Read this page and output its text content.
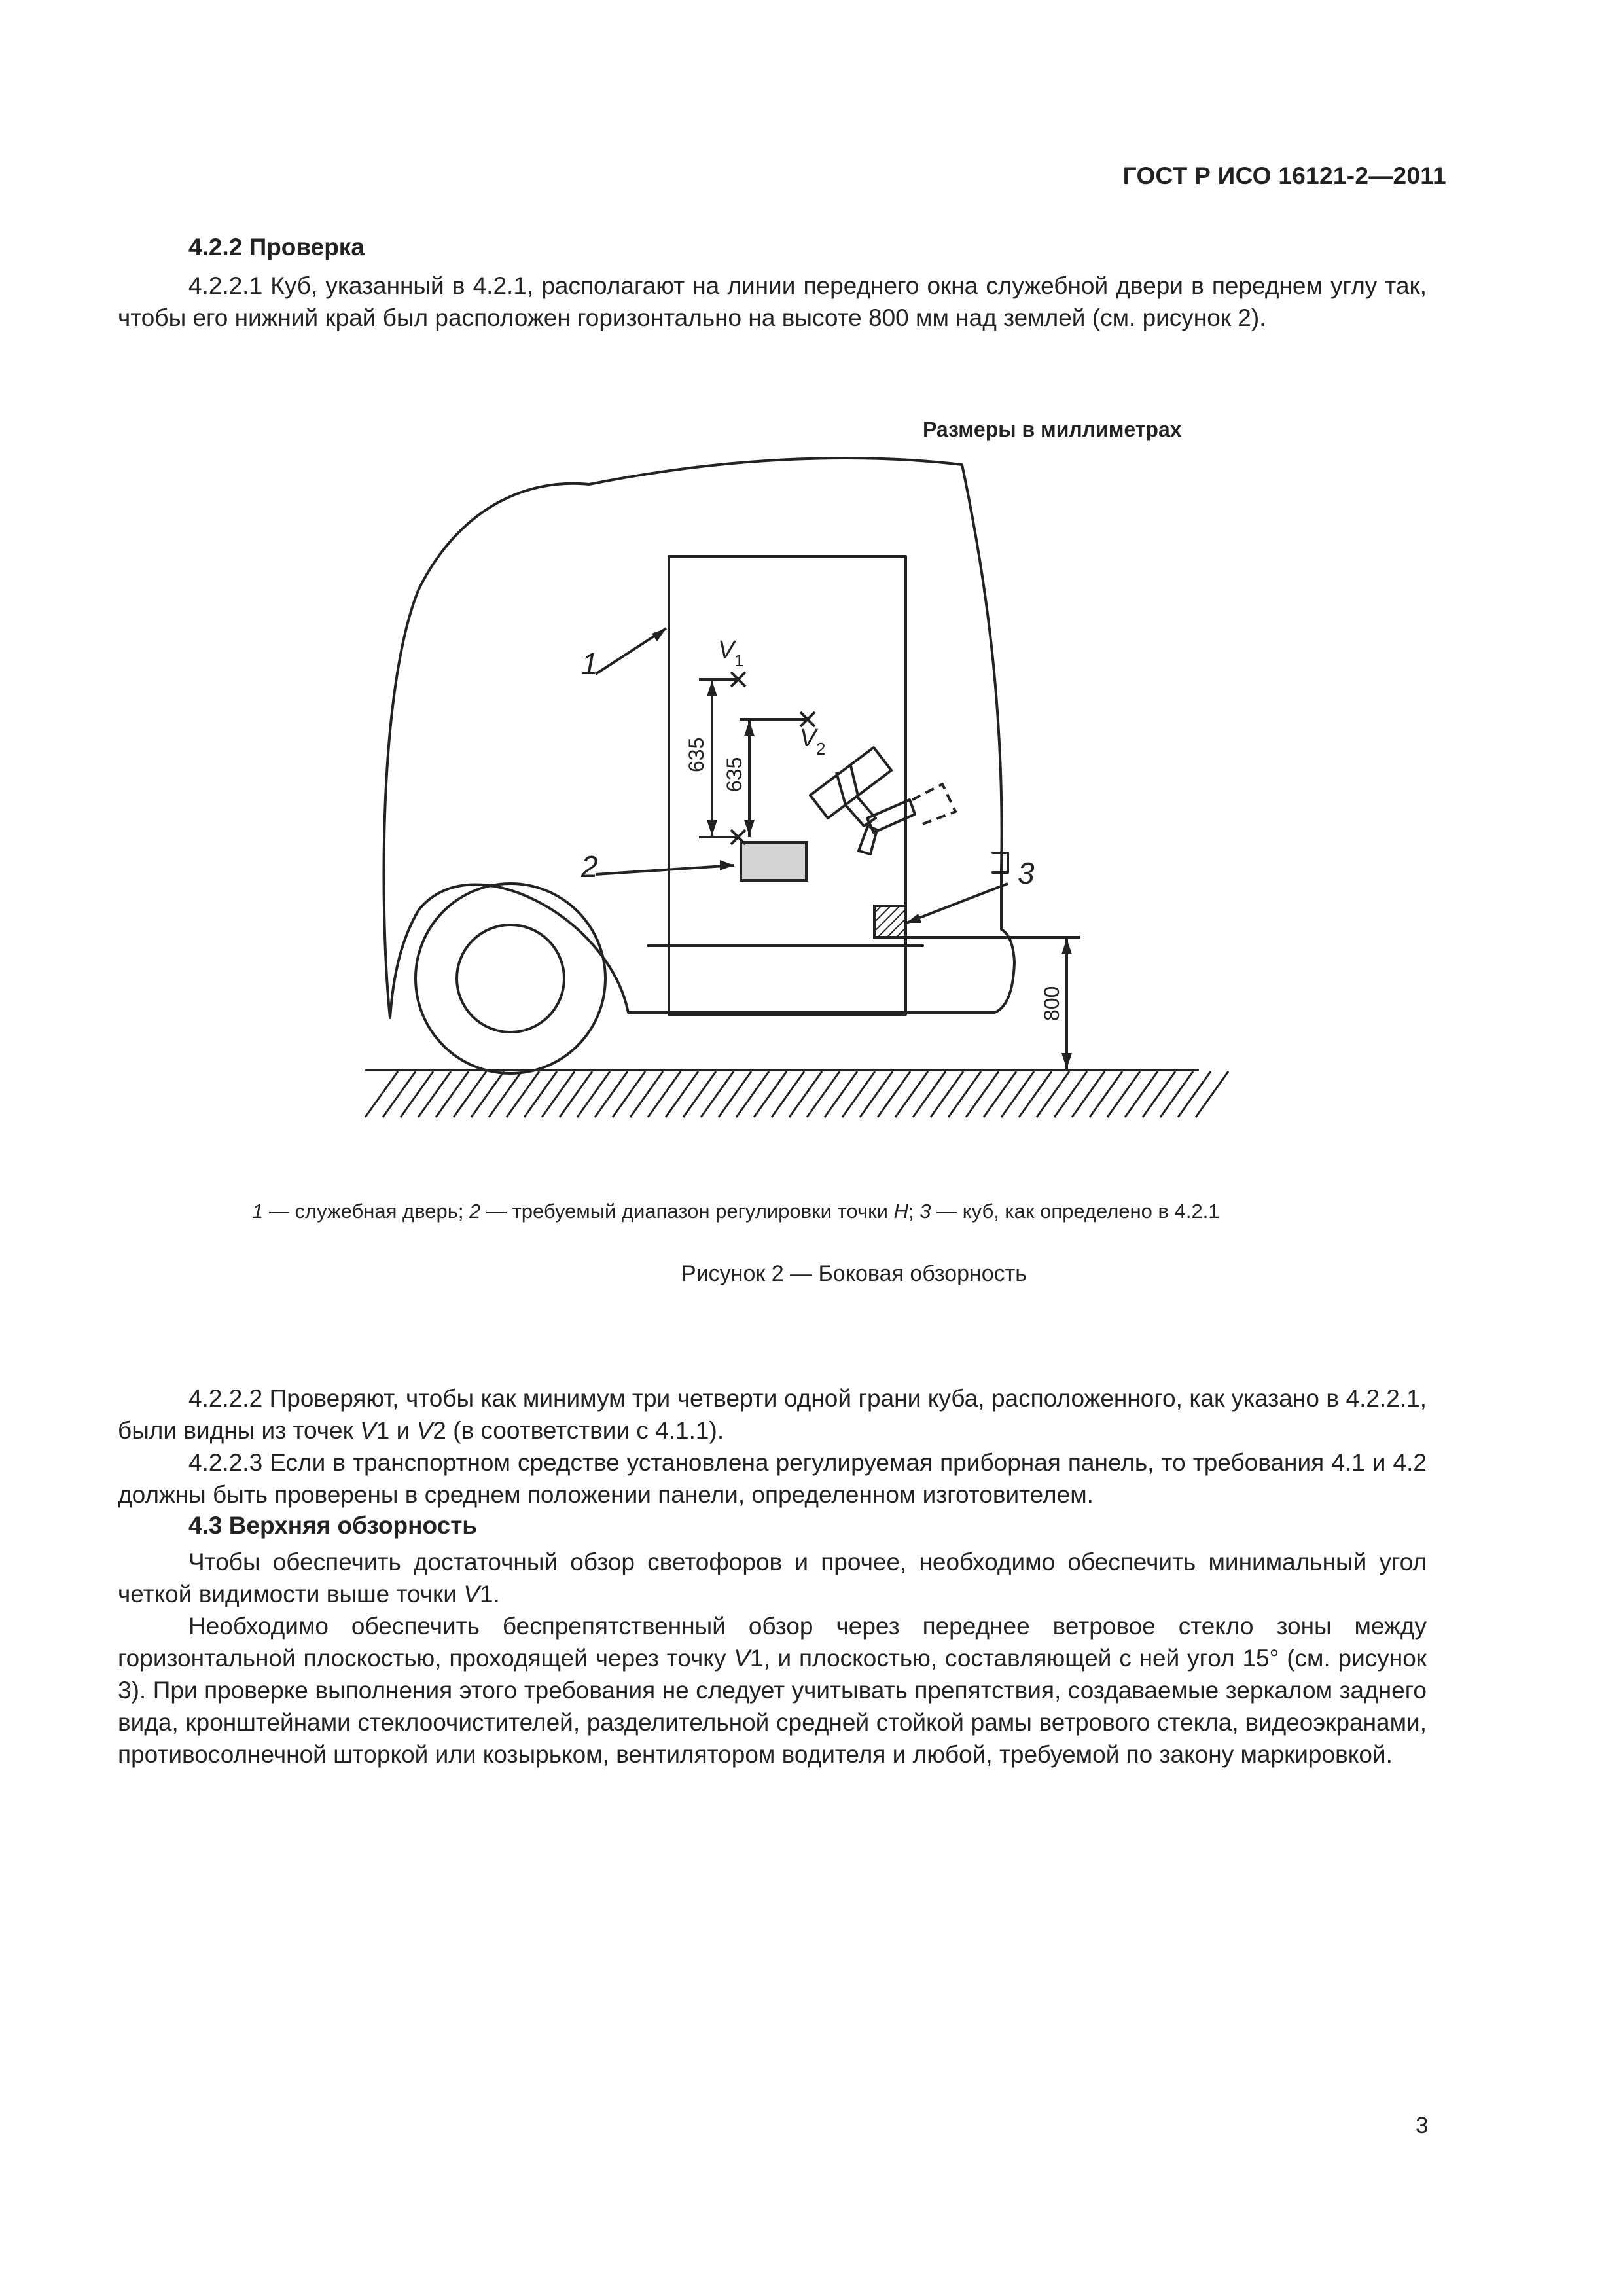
ГОСТ Р ИСО 16121-2—2011
4.2.2 Проверка
4.2.2.1 Куб, указанный в 4.2.1, располагают на линии переднего окна служебной двери в переднем углу так, чтобы его нижний край был расположен горизонтально на высоте 800 мм над землей (см. рисунок 2).
Размеры в миллиметрах
1
2	3
V 1
V 2
635
635
800
1 — служебная дверь; 2 — требуемый диапазон регулировки точки H; 3 — куб, как определено в 4.2.1
Рисунок 2 — Боковая обзорность
4.2.2.2 Проверяют, чтобы как минимум три четверти одной грани куба, расположенного, как указано в 4.2.2.1, были видны из точек V1 и V2 (в соответствии с 4.1.1).
4.2.2.3 Если в транспортном средстве установлена регулируемая приборная панель, то требования 4.1 и 4.2 должны быть проверены в среднем положении панели, определенном изготовителем.
4.3 Верхняя обзорность
Чтобы обеспечить достаточный обзор светофоров и прочее, необходимо обеспечить минимальный угол четкой видимости выше точки V1.
Необходимо обеспечить беспрепятственный обзор через переднее ветровое стекло зоны между горизонтальной плоскостью, проходящей через точку V1, и плоскостью, составляющей с ней угол 15° (см. рисунок 3). При проверке выполнения этого требования не следует учитывать препятствия, создаваемые зеркалом заднего вида, кронштейнами стеклоочистителей, разделительной средней стойкой рамы ветрового стекла, видеоэкранами, противосолнечной шторкой или козырьком, вентилятором водителя и любой, требуемой по закону маркировкой.
3
